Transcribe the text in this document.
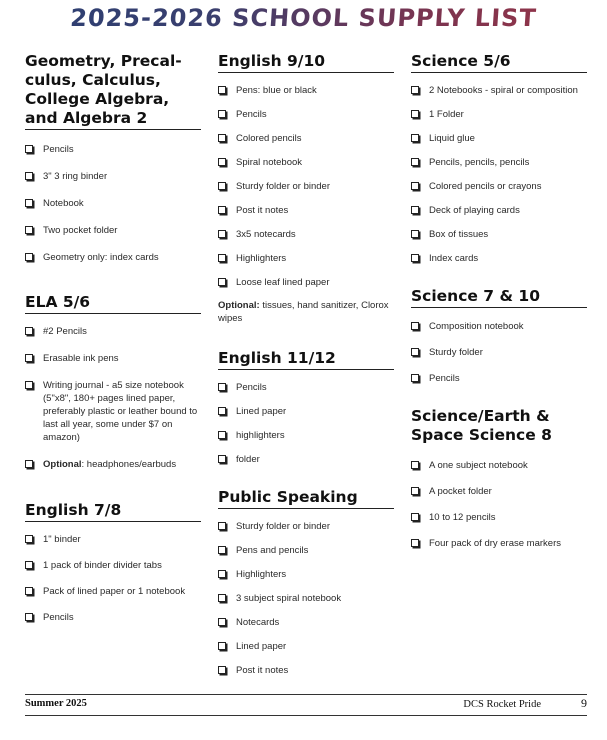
2025-2026 SCHOOL SUPPLY LIST
Geometry, Precal-culus, Calculus, College Algebra, and Algebra 2
Pencils
3" 3 ring binder
Notebook
Two pocket folder
Geometry only: index cards
ELA 5/6
#2 Pencils
Erasable ink pens
Writing journal - a5 size notebook (5"x8", 180+ pages lined paper, preferably plastic or leather bound to last all year, some under $7 on amazon)
Optional: headphones/earbuds
English 7/8
1" binder
1 pack of binder divider tabs
Pack of lined paper or 1 notebook
Pencils
English 9/10
Pens: blue or black
Pencils
Colored pencils
Spiral notebook
Sturdy folder or binder
Post it notes
3x5 notecards
Highlighters
Loose leaf lined paper
Optional: tissues, hand sanitizer, Clorox wipes
English 11/12
Pencils
Lined paper
highlighters
folder
Public Speaking
Sturdy folder or binder
Pens and pencils
Highlighters
3 subject spiral notebook
Notecards
Lined paper
Post it notes
Science 5/6
2 Notebooks - spiral or composition
1 Folder
Liquid glue
Pencils, pencils, pencils
Colored pencils or crayons
Deck of playing cards
Box of tissues
Index cards
Science 7 & 10
Composition notebook
Sturdy folder
Pencils
Science/Earth & Space Science 8
A one subject notebook
A pocket folder
10 to 12 pencils
Four pack of dry erase markers
Summer 2025	DCS Rocket Pride	9
